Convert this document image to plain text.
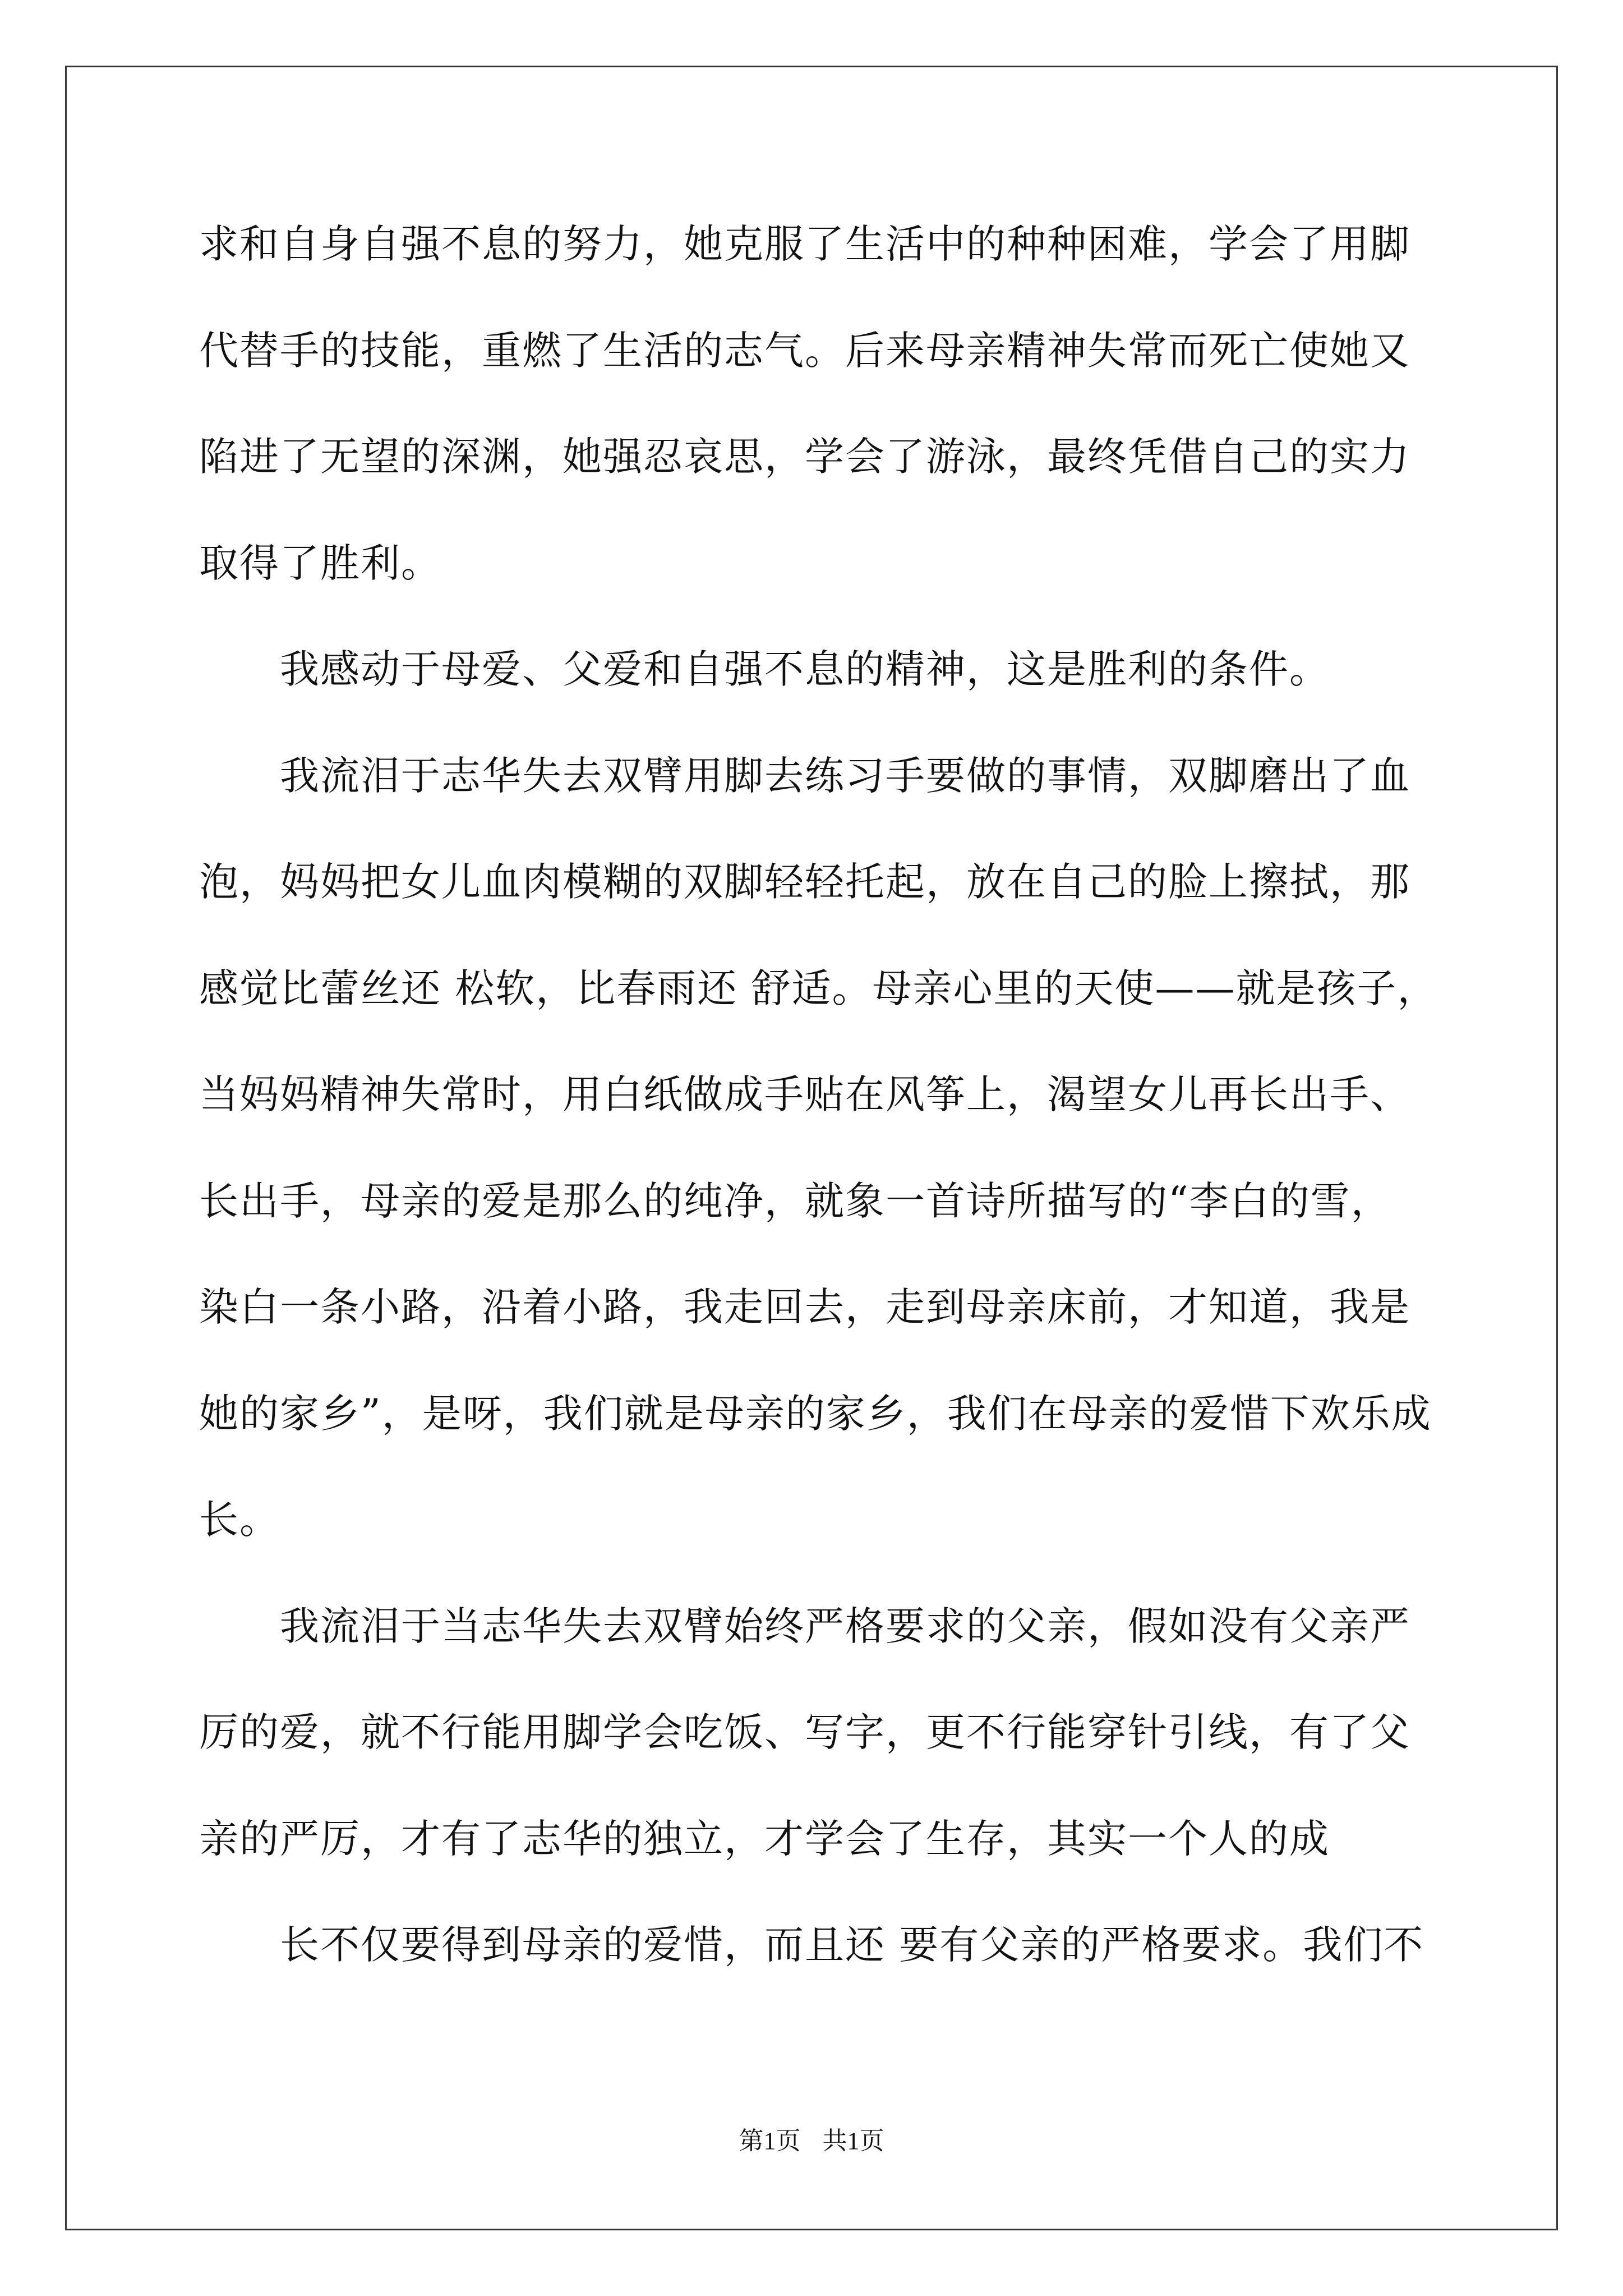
求和自身自强不息的努力，她克服了生活中的种种困难，学会了用脚
代替手的技能，重燃了生活的志气。后来母亲精神失常而死亡使她又
陷进了无望的深渊，她强忍哀思，学会了游泳，最终凭借自己的实力
取得了胜利。
我感动于母爱、父爱和自强不息的精神，这是胜利的条件。
我流泪于志华失去双臂用脚去练习手要做的事情，双脚磨出了血
泡，妈妈把女儿血肉模糊的双脚轻轻托起，放在自己的脸上擦拭，那
感觉比蕾丝还 松软，比春雨还 舒适。母亲心里的天使——就是孩子，
当妈妈精神失常时，用白纸做成手贴在风筝上，渴望女儿再长出手、
长出手，母亲的爱是那么的纯净，就象一首诗所描写的“李白的雪，
染白一条小路，沿着小路，我走回去，走到母亲床前，才知道，我是
她的家乡”，是呀，我们就是母亲的家乡，我们在母亲的爱惜下欢乐成
长。
我流泪于当志华失去双臂始终严格要求的父亲，假如没有父亲严
厉的爱，就不行能用脚学会吃饭、写字，更不行能穿针引线，有了父
亲的严厉，才有了志华的独立，才学会了生存，其实一个人的成
长不仅要得到母亲的爱惜，而且还 要有父亲的严格要求。我们不
第1页 共1页
